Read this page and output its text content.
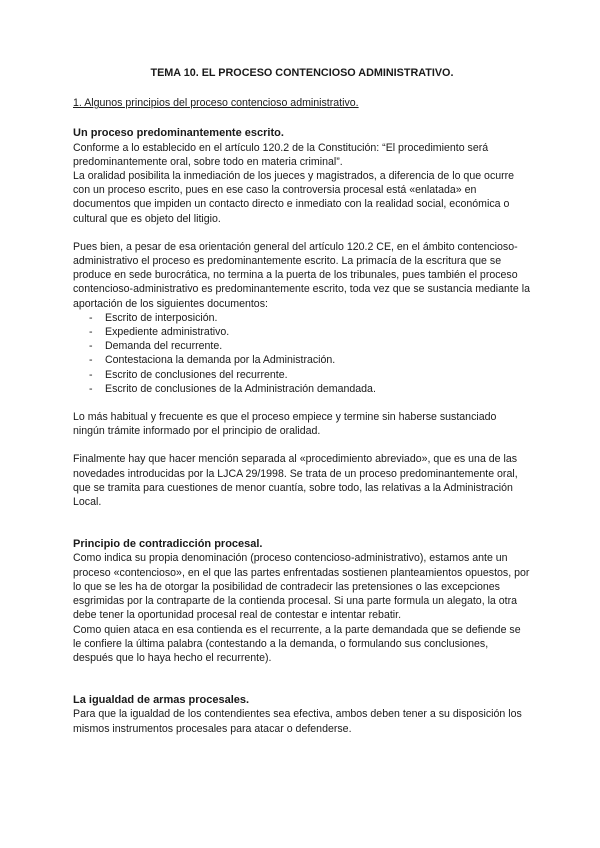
TEMA 10. EL PROCESO CONTENCIOSO ADMINISTRATIVO.

1. Algunos principios del proceso contencioso administrativo.

Un proceso predominantemente escrito.

Conforme a lo establecido en el artículo 120.2 de la Constitución: “El procedimiento será predominantemente oral, sobre todo en materia criminal”.

La oralidad posibilita la inmediación de los jueces y magistrados, a diferencia de lo que ocurre con un proceso escrito, pues en ese caso la controversia procesal está «enlatada» en documentos que impiden un contacto directo e inmediato con la realidad social, económica o cultural que es objeto del litigio.

Pues bien, a pesar de esa orientación general del artículo 120.2 CE, en el ámbito contencioso-administrativo el proceso es predominantemente escrito. La primacía de la escritura que se produce en sede burocrática, no termina a la puerta de los tribunales, pues también el proceso contencioso-administrativo es predominantemente escrito, toda vez que se sustancia mediante la aportación de los siguientes documentos:

- Escrito de interposición.
- Expediente administrativo.
- Demanda del recurrente.
- Contestaciona la demanda por la Administración.
- Escrito de conclusiones del recurrente.
- Escrito de conclusiones de la Administración demandada.

Lo más habitual y frecuente es que el proceso empiece y termine sin haberse sustanciado ningún trámite informado por el principio de oralidad.

Finalmente hay que hacer mención separada al «procedimiento abreviado», que es una de las novedades introducidas por la LJCA 29/1998. Se trata de un proceso predominantemente oral, que se tramita para cuestiones de menor cuantía, sobre todo, las relativas a la Administración Local.

Principio de contradicción procesal.

Como indica su propia denominación (proceso contencioso-administrativo), estamos ante un proceso «contencioso», en el que las partes enfrentadas sostienen planteamientos opuestos, por lo que se les ha de otorgar la posibilidad de contradecir las pretensiones o las excepciones esgrimidas por la contraparte de la contienda procesal. Si una parte formula un alegato, la otra debe tener la oportunidad procesal real de contestar e intentar rebatir.

Como quien ataca en esa contienda es el recurrente, a la parte demandada que se defiende se le confiere la última palabra (contestando a la demanda, o formulando sus conclusiones, después que lo haya hecho el recurrente).

La igualdad de armas procesales.

Para que la igualdad de los contendientes sea efectiva, ambos deben tener a su disposición los mismos instrumentos procesales para atacar o defenderse.
